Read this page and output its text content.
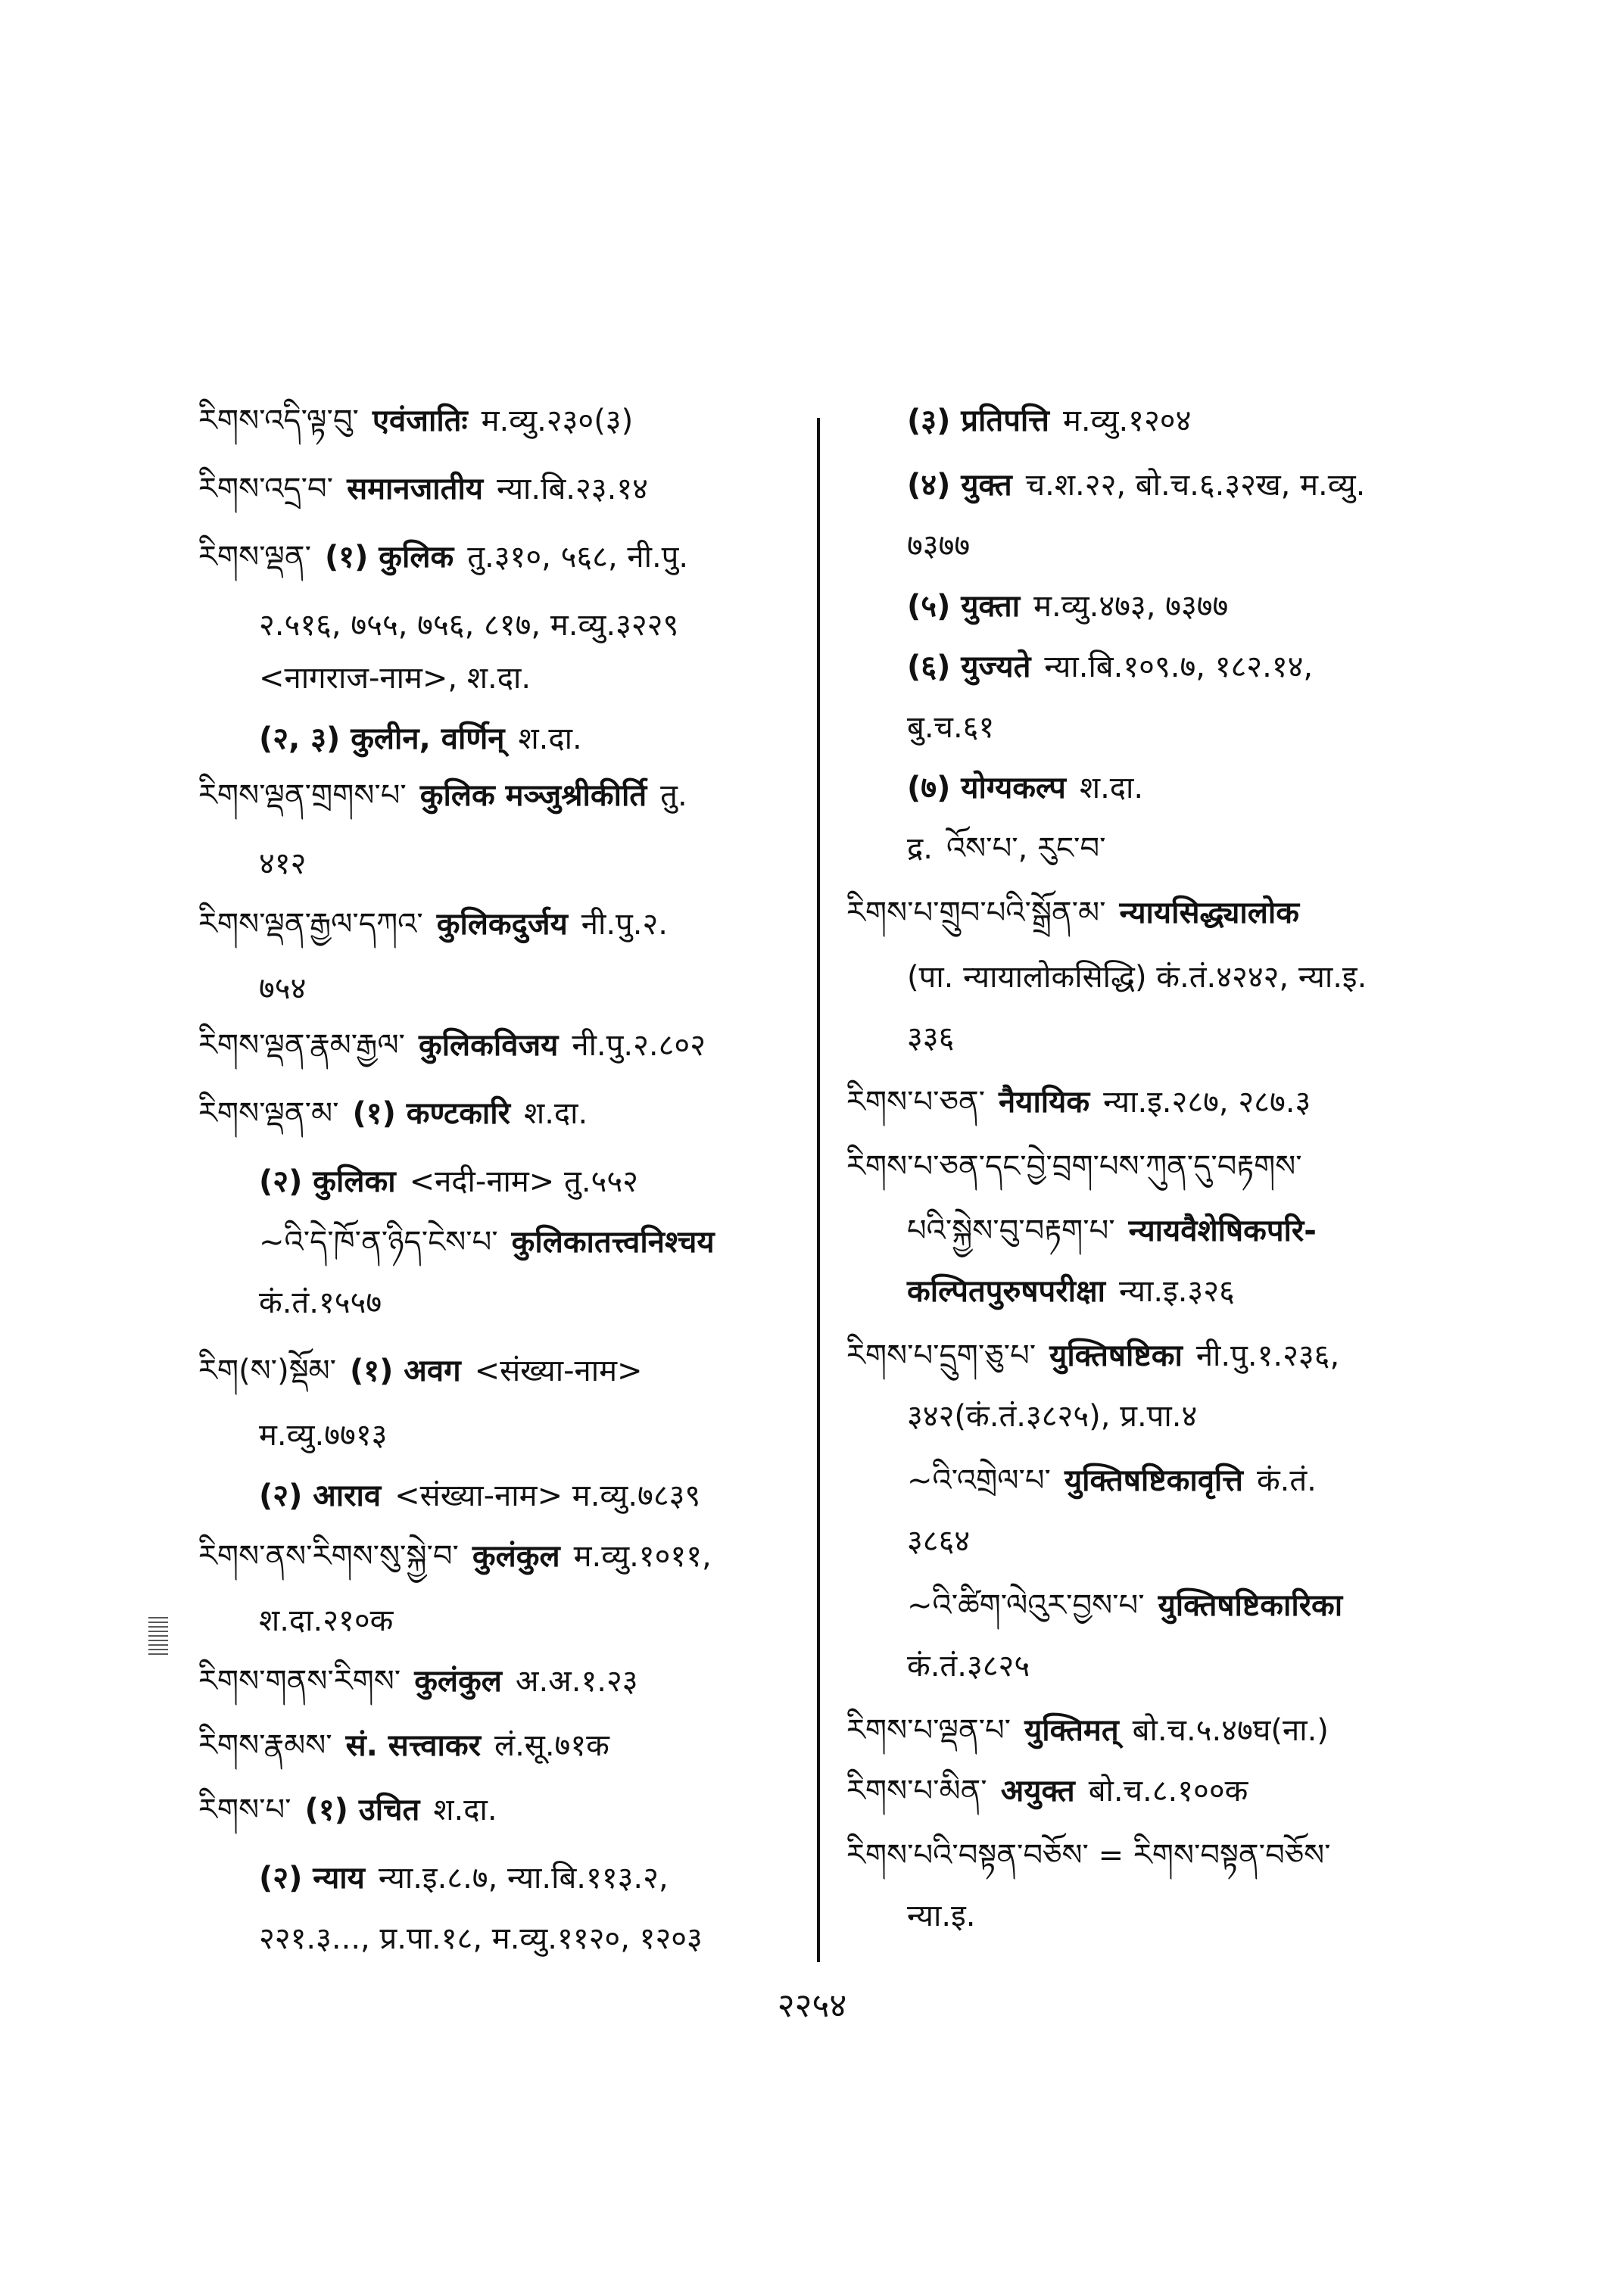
རིགས་འདི་ལྟ་བུ་ एवंजातिः म.व्यु.२३०(३)
རིགས་འདྲ་བ་ समानजातीय न्या.बि.२३.१४
རིགས་ལྡན་ (१) कुलिक तु.३१०, ५६८, नी.पु.
२.५१६, ७५५, ७५६, ८१७, म.व्यु.३२२९
<नागराज-नाम>, श.दा.
(२, ३) कुलीन, वर्णिन् श.दा.
རིགས་ལྡན་གྲགས་པ་ कुलिक मञ्जुश्रीकीर्ति तु.
४१२
རིགས་ལྡན་རྒྱལ་དཀའ་ कुलिकदुर्जय नी.पु.२.
७५४
རིགས་ལྡན་རྣམ་རྒྱལ་ कुलिकविजय नी.पु.२.८०२
རིགས་ལྡན་མ་ (१) कण्टकारि श.दा.
(२) कुलिका <नदी-नाम> तु.५५२
~འི་དེ་ཁོ་ན་ཉིད་ངེས་པ་ कुलिकातत्त्वनिश्चय
कं.तं.१५५७
རིག(ས་)སྡོམ་ (१) अवग <संख्या-नाम>
म.व्यु.७७१३
(२) आराव <संख्या-नाम> म.व्यु.७८३९
རིགས་ནས་རིགས་སུ་སྐྱེ་བ་ कुलंकुल म.व्यु.१०११,
श.दा.२१०क
རིགས་གནས་རིགས་ कुलंकुल अ.अ.१.२३
རིགས་རྣམས་ सं. सत्त्वाकर लं.सू.७१क
རིགས་པ་ (१) उचित श.दा.
(२) न्याय न्या.इ.८.७, न्या.बि.११३.२,
२२१.३..., प्र.पा.१८, म.व्यु.११२०, १२०३
(३) प्रतिपत्ति म.व्यु.१२०४
(४) युक्त च.श.२२, बो.च.६.३२ख, म.व्यु.
७३७७
(५) युक्ता म.व्यु.४७३, ७३७७
(६) युज्यते न्या.बि.१०९.७, १८२.१४,
बु.च.६१
(७) योग्यकल्प श.दा.
द्र. འོས་པ་, རུང་བ་
རིགས་པ་གྲུབ་པའི་སྒྲོན་མ་ न्यायसिद्ध्यालोक
(पा. न्यायालोकसिद्धि) कं.तं.४२४२, न्या.इ.
३३६
རིགས་པ་ཅན་ नैयायिक न्या.इ.२८७, २८७.३
རིགས་པ་ཅན་དང་བྱེ་བྲག་པས་ཀུན་དུ་བརྟགས་
པའི་སྐྱེས་བུ་བརྟག་པ་ न्यायवैशेषिकपरि-
कल्पितपुरुषपरीक्षा न्या.इ.३२६
རིགས་པ་དྲུག་ཅུ་པ་ युक्तिषष्टिका नी.पु.१.२३६,
३४२(कं.तं.३८२५), प्र.पा.४
~འི་འགྲེལ་པ་ युक्तिषष्टिकावृत्ति कं.तं.
३८६४
~འི་ཚིག་ལེའུར་བྱས་པ་ युक्तिषष्टिकारिका
कं.तं.३८२५
རིགས་པ་ལྡན་པ་ युक्तिमत् बो.च.५.४७घ(ना.)
རིགས་པ་མིན་ अयुक्त बो.च.८.१००क
རིགས་པའི་བསྟན་བཅོས་ = རིགས་བསྟན་བཅོས་
न्या.इ.
२२५४
